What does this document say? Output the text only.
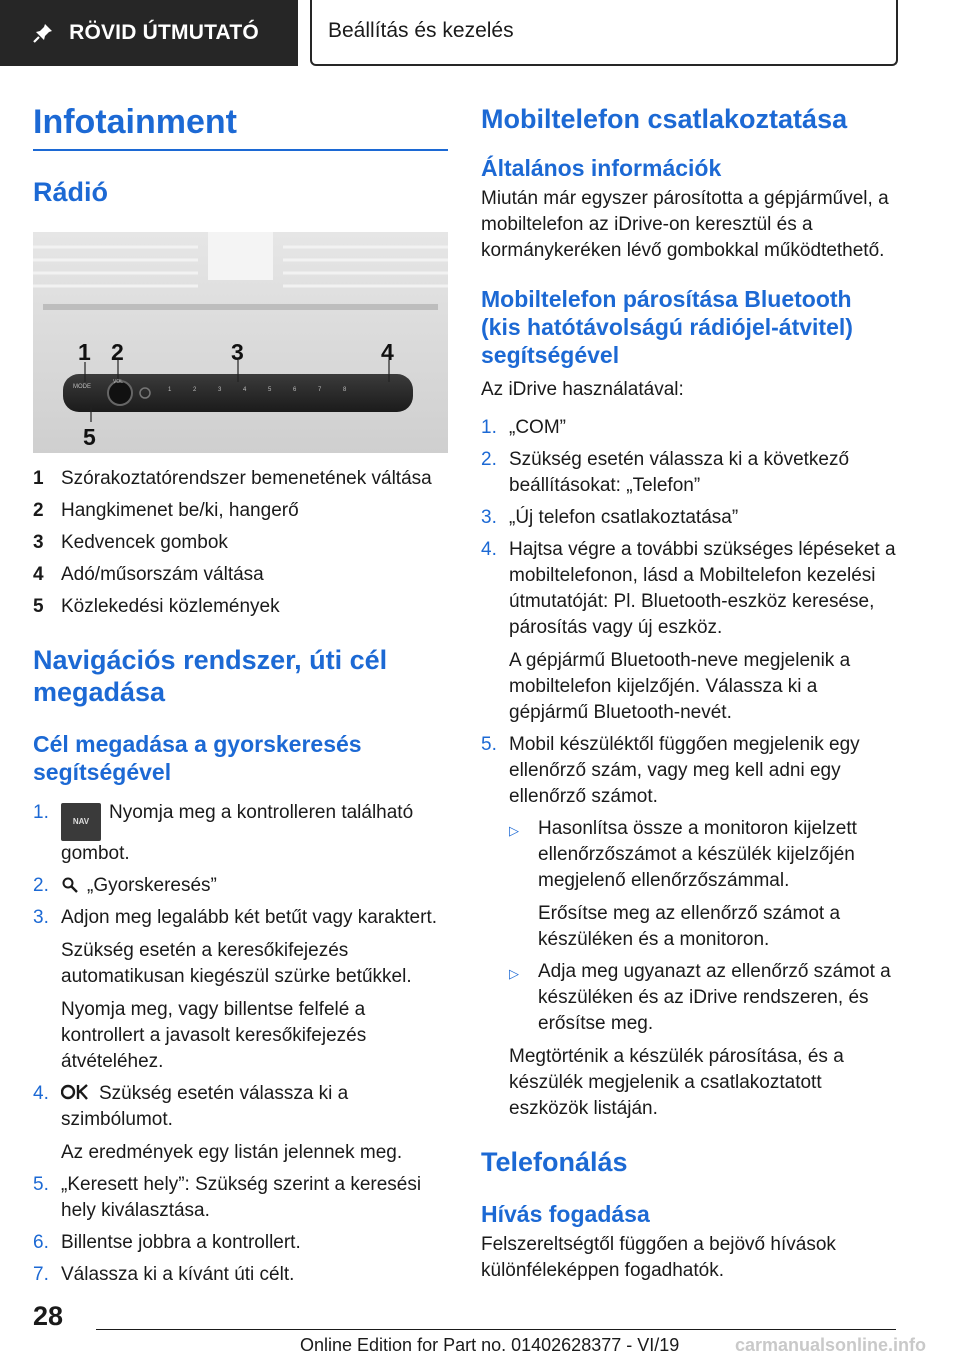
RÖVID ÚTMUTATÓ	Beállítás és kezelés
Infotainment
Rádió
1 2	3	4
5
MODE
VOL
1	2	3	4	5	6	7	8
1 Szórakoztatórendszer bemenetének váltása
2 Hangkimenet be/ki, hangerő
3 Kedvencek gombok
4 Adó/műsorszám váltása
5 Közlekedési közlemények
Navigációs rendszer, úti cél megadása
Cél megadása a gyorskeresés segítségével
1.	NAV Nyomja meg a kontrolleren található gombot.

2.	„Gyorskeresés”

3. Adjon meg legalább két betűt vagy karaktert.

Szükség esetén a keresőkifejezés automatikusan kiegészül szürke betűkkel.

Nyomja meg, vagy billentse felfelé a kontrollert a javasolt keresőkifejezés átvételéhez.

4.	Szükség esetén válassza ki a szimbólumot.

Az eredmények egy listán jelennek meg.

5. „Keresett hely”: Szükség szerint a keresési hely kiválasztása.

6. Billentse jobbra a kontrollert.

7. Válassza ki a kívánt úti célt.

Mobiltelefon csatlakoztatása
Általános információk

Miután már egyszer párosította a gépjárművel, a mobiltelefon az iDrive-on keresztül és a kormánykeréken lévő gombokkal működtethető.

Mobiltelefon párosítása Bluetooth (kis hatótávolságú rádiójel-átvitel) segítségével

Az iDrive használatával:

1. „COM”

2. Szükség esetén válassza ki a következő beállításokat: „Telefon”

3. „Új telefon csatlakoztatása”

4. Hajtsa végre a további szükséges lépéseket a mobiltelefonon, lásd a Mobiltelefon kezelési útmutatóját: Pl. Bluetooth-eszköz keresése, párosítás vagy új eszköz.

A gépjármű Bluetooth-neve megjelenik a mobiltelefon kijelzőjén. Válassza ki a gépjármű Bluetooth-nevét.

5. Mobil készüléktől függően megjelenik egy ellenőrző szám, vagy meg kell adni egy ellenőrző számot.

▷	Hasonlítsa össze a monitoron kijelzett ellenőrzőszámot a készülék kijelzőjén megjelenő ellenőrzőszámmal.

Erősítse meg az ellenőrző számot a készüléken és a monitoron.

▷	Adja meg ugyanazt az ellenőrző számot a készüléken és az iDrive rendszeren, és erősítse meg.

Megtörténik a készülék párosítása, és a készülék megjelenik a csatlakoztatott eszközök listáján.

Telefonálás
Hívás fogadása

Felszereltségtől függően a bejövő hívások különféleképpen fogadhatók.

28
Online Edition for Part no. 01402628377 - VI/19	carmanualsonline.info
